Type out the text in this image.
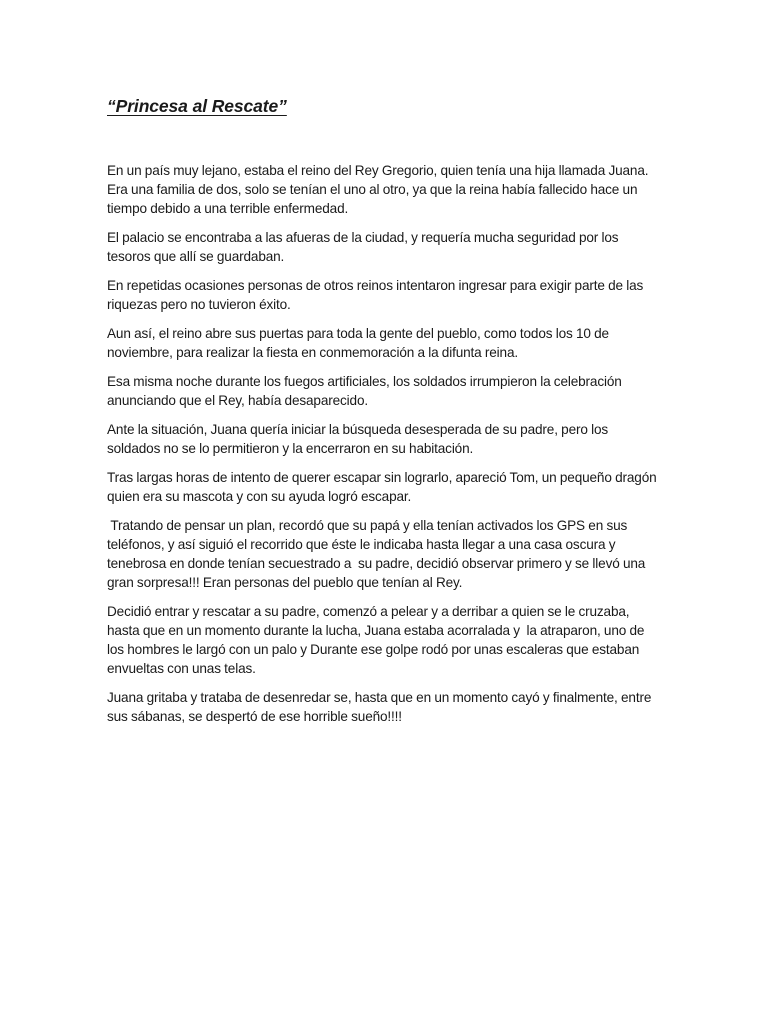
“Princesa al Rescate”

En un país muy lejano, estaba el reino del Rey Gregorio, quien tenía una hija llamada Juana. Era una familia de dos, solo se tenían el uno al otro, ya que la reina había fallecido hace un tiempo debido a una terrible enfermedad.

El palacio se encontraba a las afueras de la ciudad, y requería mucha seguridad por los tesoros que allí se guardaban.

En repetidas ocasiones personas de otros reinos intentaron ingresar para exigir parte de las riquezas pero no tuvieron éxito.

Aun así, el reino abre sus puertas para toda la gente del pueblo, como todos los 10 de noviembre, para realizar la fiesta en conmemoración a la difunta reina.

Esa misma noche durante los fuegos artificiales, los soldados irrumpieron la celebración anunciando que el Rey, había desaparecido.

Ante la situación, Juana quería iniciar la búsqueda desesperada de su padre, pero los soldados no se lo permitieron y la encerraron en su habitación.

Tras largas horas de intento de querer escapar sin lograrlo, apareció Tom, un pequeño dragón quien era su mascota y con su ayuda logró escapar.

Tratando de pensar un plan, recordó que su papá y ella tenían activados los GPS en sus teléfonos, y así siguió el recorrido que éste le indicaba hasta llegar a una casa oscura y tenebrosa en donde tenían secuestrado a  su padre, decidió observar primero y se llevó una gran sorpresa!!! Eran personas del pueblo que tenían al Rey.

Decidió entrar y rescatar a su padre, comenzó a pelear y a derribar a quien se le cruzaba, hasta que en un momento durante la lucha, Juana estaba acorralada y  la atraparon, uno de los hombres le largó con un palo y Durante ese golpe rodó por unas escaleras que estaban envueltas con unas telas.

Juana gritaba y trataba de desenredar se, hasta que en un momento cayó y finalmente, entre sus sábanas, se despertó de ese horrible sueño!!!!
